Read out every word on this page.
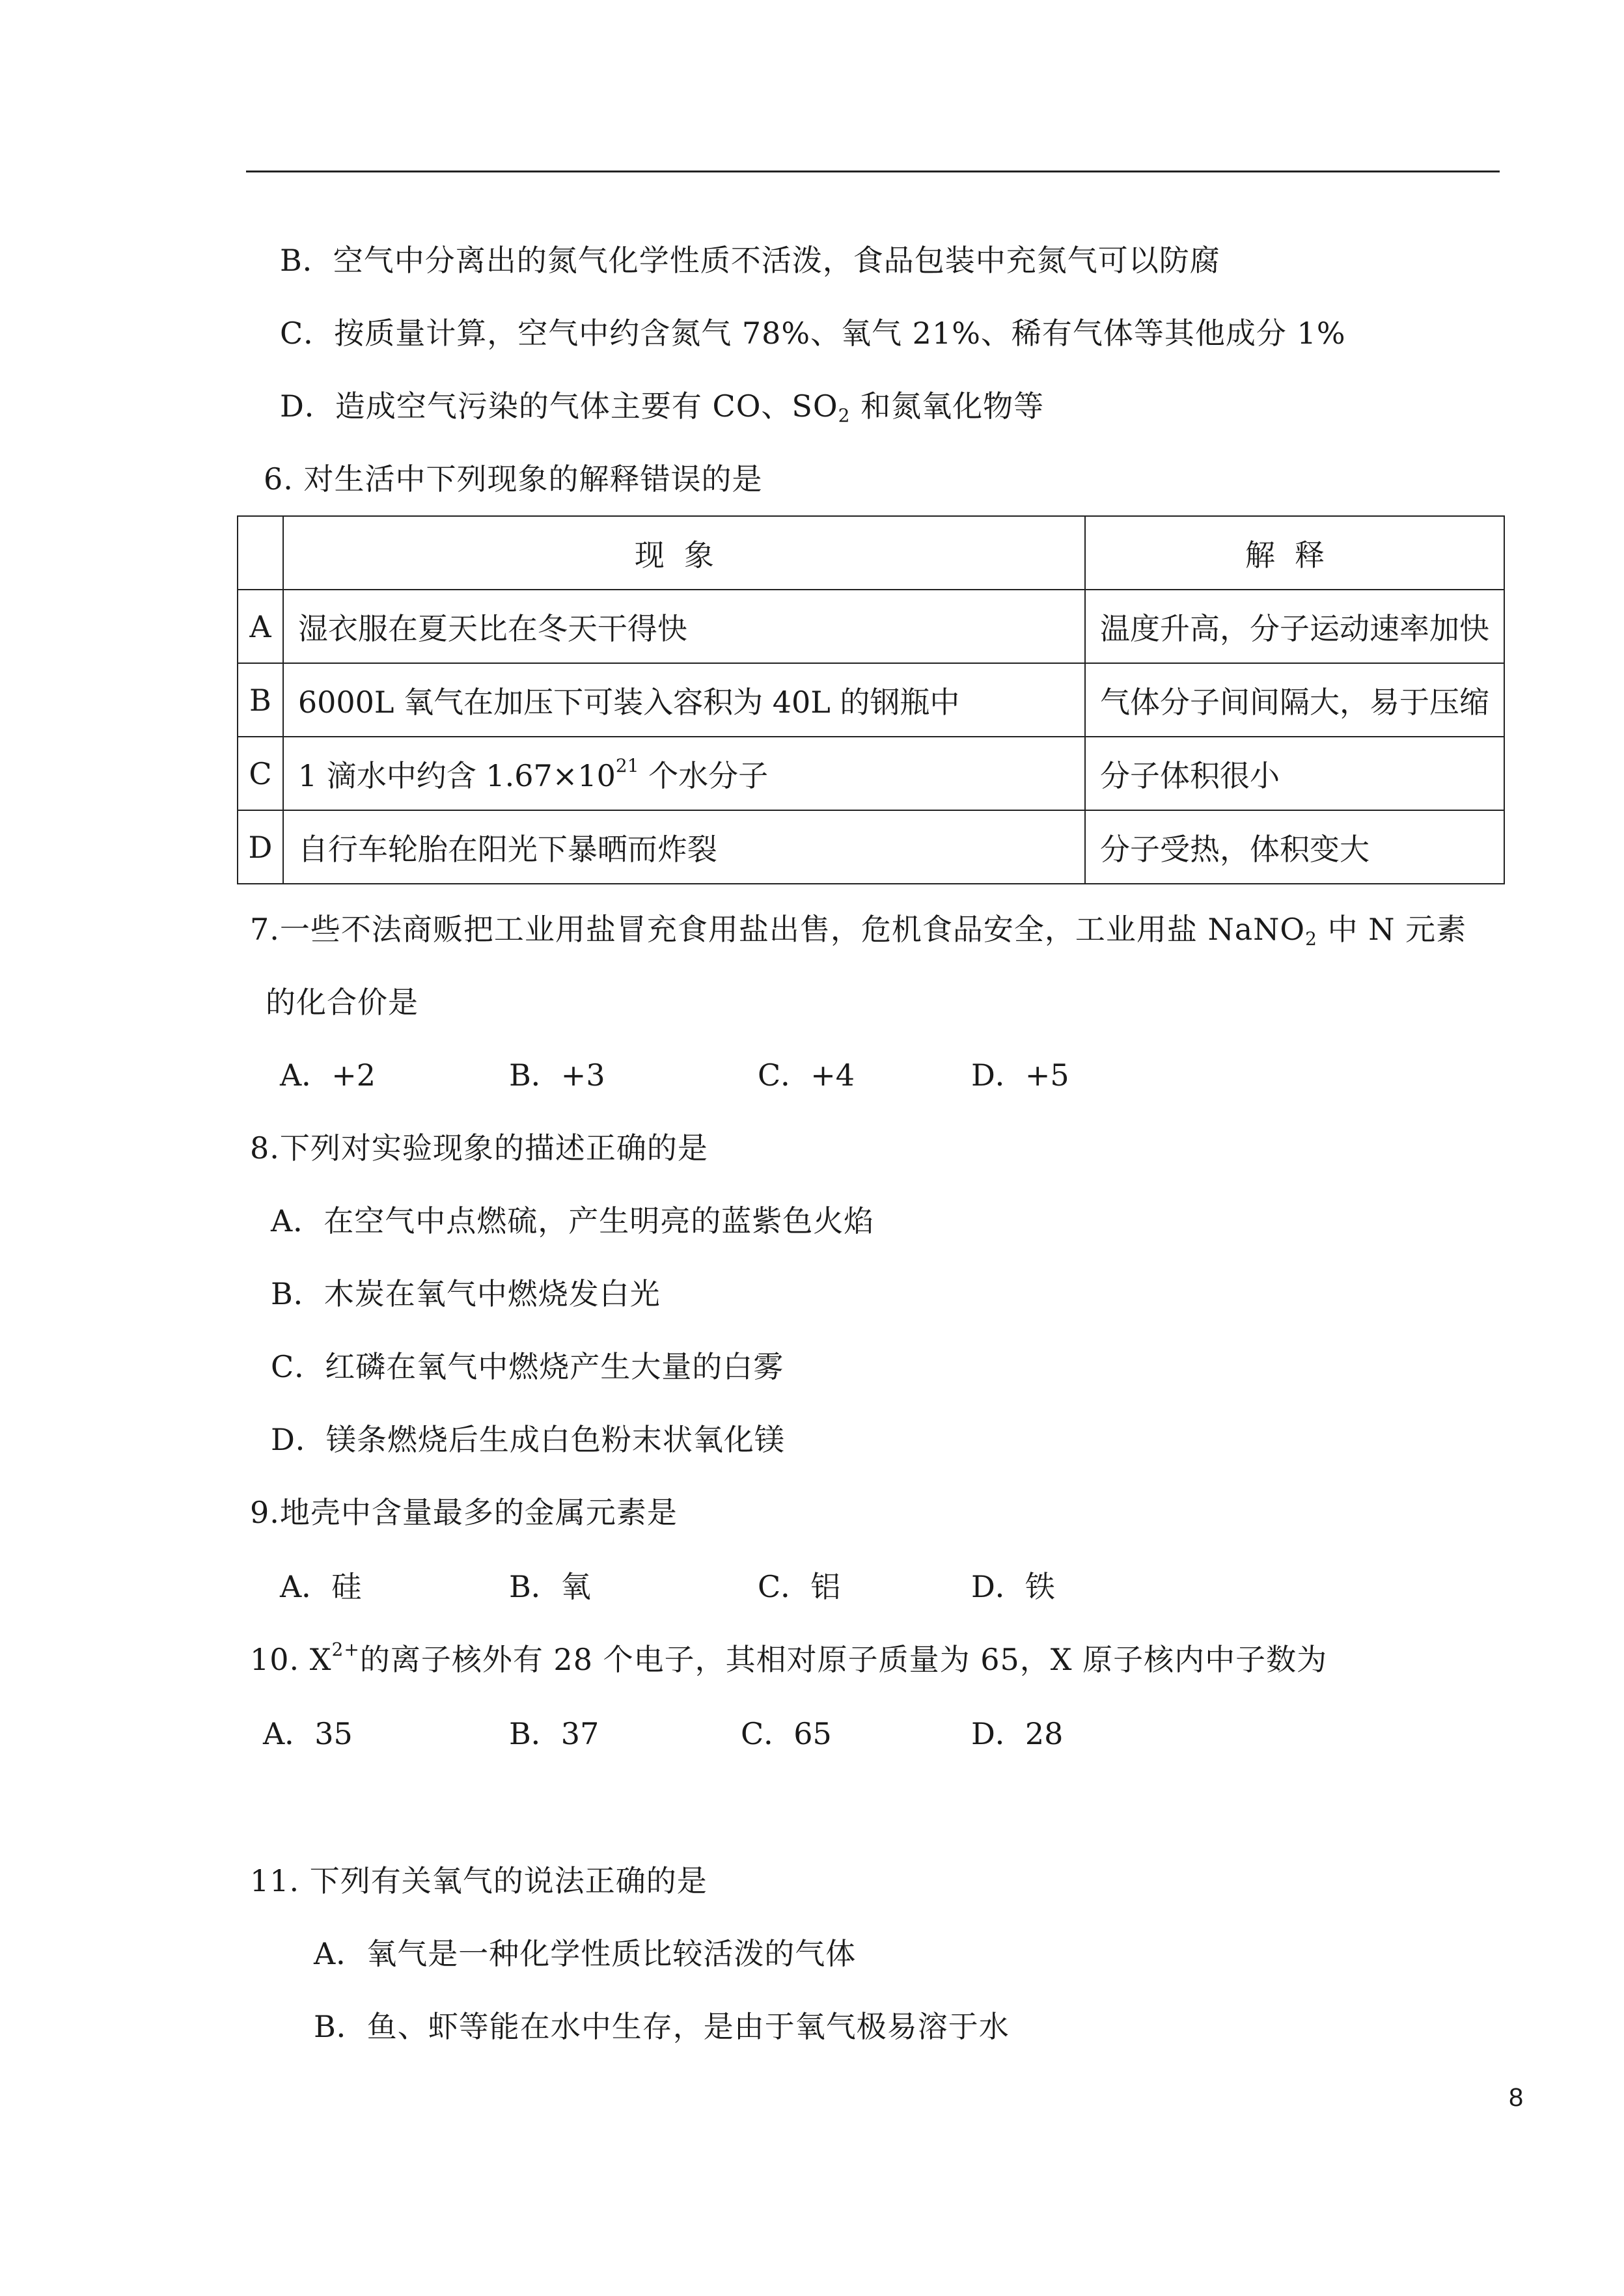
B．空气中分离出的氮气化学性质不活泼，食品包装中充氮气可以防腐
C．按质量计算，空气中约含氮气 78%、氧气 21%、稀有气体等其他成分 1%
D．造成空气污染的气体主要有 CO、$SO_2$ 和氮氧化物等
6. 对生活中下列现象的解释错误的是
	现象	解释
A	湿衣服在夏天比在冬天干得快	温度升高，分子运动速率加快
B	6000L 氧气在加压下可装入容积为 40L 的钢瓶中	气体分子间间隔大，易于压缩
C	1 滴水中约含 $1.67\times 10^{21}$ 个水分子	分子体积很小
D	自行车轮胎在阳光下暴晒而炸裂	分子受热，体积变大
7.一些不法商贩把工业用盐冒充食用盐出售，危机食品安全，工业用盐 NaNO$_2$ 中 N 元素
的化合价是
A．+2	B．+3	C．+4	D．+5
8.下列对实验现象的描述正确的是
A．在空气中点燃硫，产生明亮的蓝紫色火焰
B．木炭在氧气中燃烧发白光
C．红磷在氧气中燃烧产生大量的白雾
D．镁条燃烧后生成白色粉末状氧化镁
9.地壳中含量最多的金属元素是
A．硅	B．氧	C．铝	D．铁
10. $X^{2+}$的离子核外有 28 个电子，其相对原子质量为 65，X 原子核内中子数为
A．35	B．37	C．65	D．28
11. 下列有关氧气的说法正确的是
A．氧气是一种化学性质比较活泼的气体
B．鱼、虾等能在水中生存，是由于氧气极易溶于水
8
